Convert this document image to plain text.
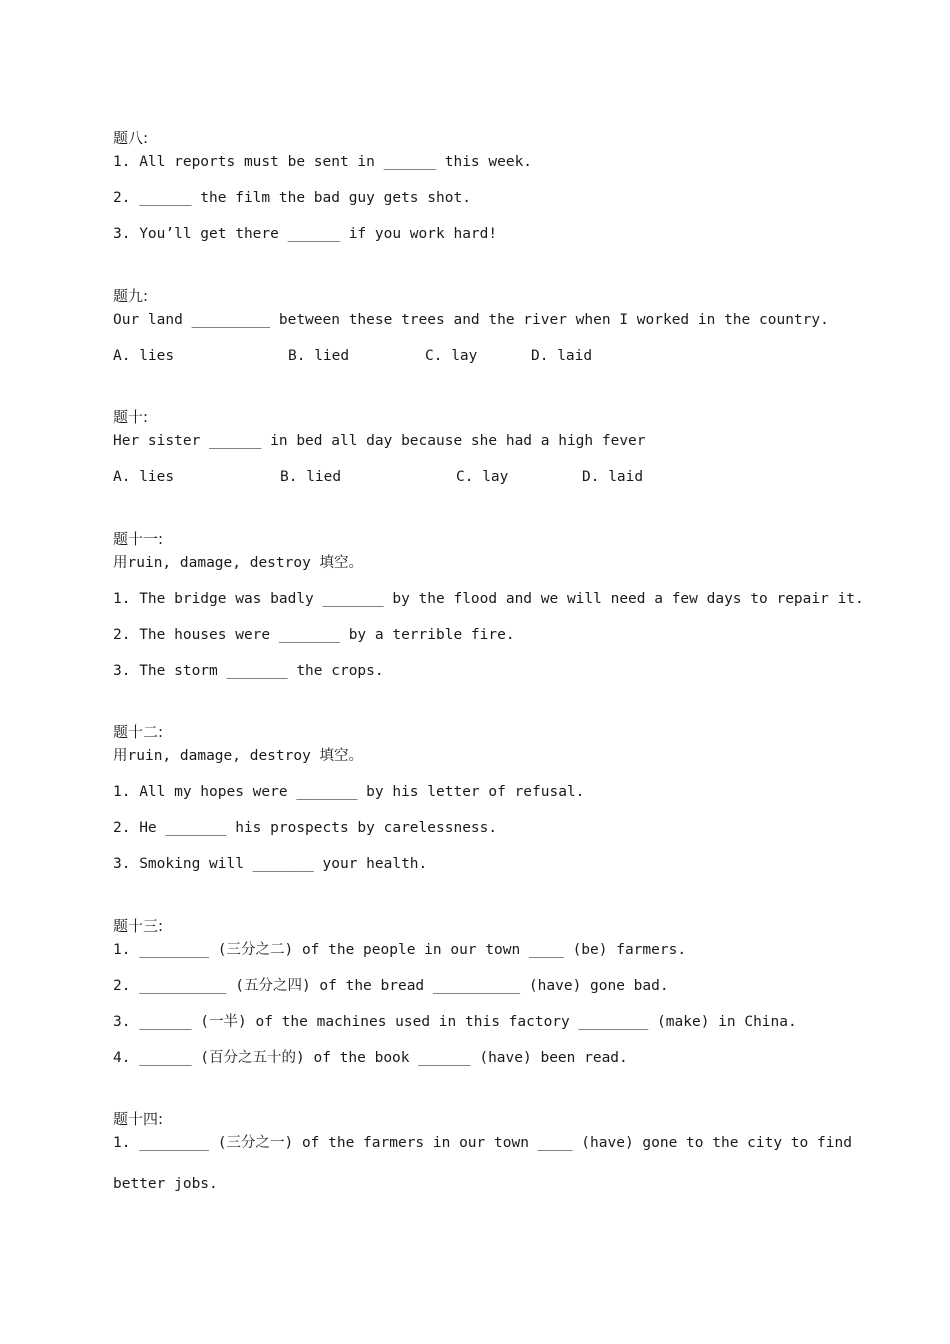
题八:
1. All reports must be sent in ______ this week.
2. ______ the film the bad guy gets shot.
3. You’ll get there ______ if you work hard!
题九:
Our land _________ between these trees and the river when I worked in the country.
A. lies	B. lied	C. lay	D. laid
题十:
Her sister ______ in bed all day because she had a high fever
A. lies	B. lied	C. lay	D. laid
题十一:
用ruin, damage, destroy 填空。
1. The bridge was badly _______ by the flood and we will need a few days to repair it.
2. The houses were _______ by a terrible fire.
3. The storm _______ the crops.
题十二:
用ruin, damage, destroy 填空。
1. All my hopes were _______ by his letter of refusal.
2. He _______ his prospects by carelessness.
3. Smoking will _______ your health.
题十三:
1. ________ (三分之二) of the people in our town ____ (be) farmers.
2. __________ (五分之四) of the bread __________ (have) gone bad.
3. ______ (一半) of the machines used in this factory ________ (make) in China.
4. ______ (百分之五十的) of the book ______ (have) been read.
题十四:
1. ________ (三分之一) of the farmers in our town ____ (have) gone to the city to find
better jobs.
